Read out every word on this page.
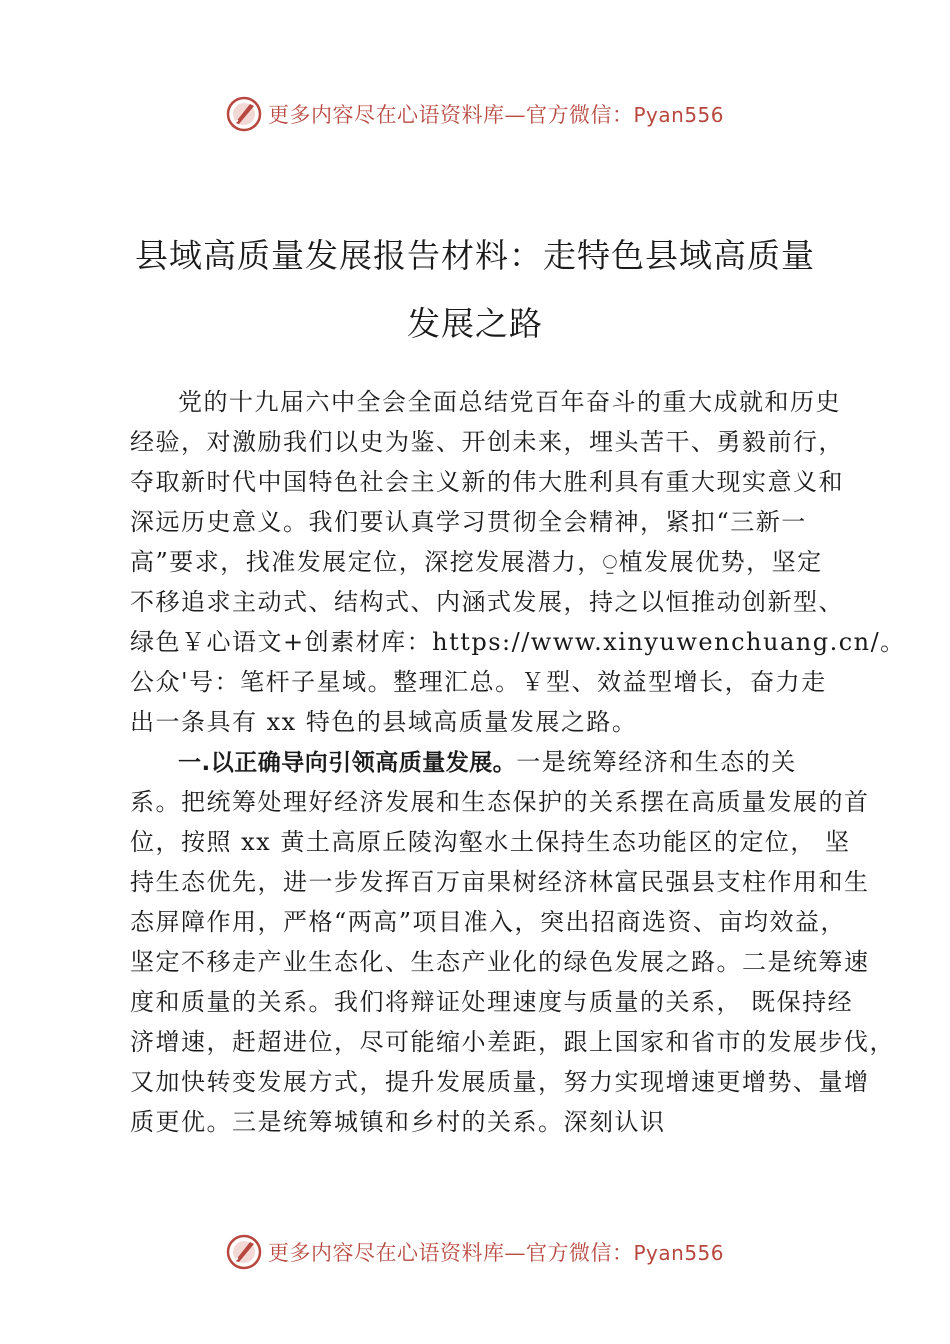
更多内容尽在心语资料库—官方微信：Pyan556
县域高质量发展报告材料：走特色县域高质量
发展之路
党的十九届六中全会全面总结党百年奋斗的重大成就和历史
经验，对激励我们以史为鉴、开创未来，埋头苦干、勇毅前行，
夺取新时代中国特色社会主义新的伟大胜利具有重大现实意义和
深远历史意义。我们要认真学习贯彻全会精神，紧扣“三新一
高”要求，找准发展定位，深挖发展潜力，⍜植发展优势，坚定
不移追求主动式、结构式、内涵式发展，持之以恒推动创新型、
绿色￥心语文+创素材库：https://www.xinyuwenchuang.cn/。
公众'号：笔杆子星域。整理汇总。￥型、效益型增长，奋力走
出一条具有 xx 特色的县域高质量发展之路。
一.以正确导向引领高质量发展。一是统筹经济和生态的关
系。把统筹处理好经济发展和生态保护的关系摆在高质量发展的首
位，按照 xx 黄土高原丘陵沟壑水土保持生态功能区的定位， 坚
持生态优先，进一步发挥百万亩果树经济林富民强县支柱作用和生
态屏障作用，严格“两高”项目准入，突出招商选资、亩均效益，
坚定不移走产业生态化、生态产业化的绿色发展之路。二是统筹速
度和质量的关系。我们将辩证处理速度与质量的关系， 既保持经
济增速，赶超进位，尽可能缩小差距，跟上国家和省市的发展步伐，
又加快转变发展方式，提升发展质量，努力实现增速更增势、量增
质更优。三是统筹城镇和乡村的关系。深刻认识
更多内容尽在心语资料库—官方微信：Pyan556
